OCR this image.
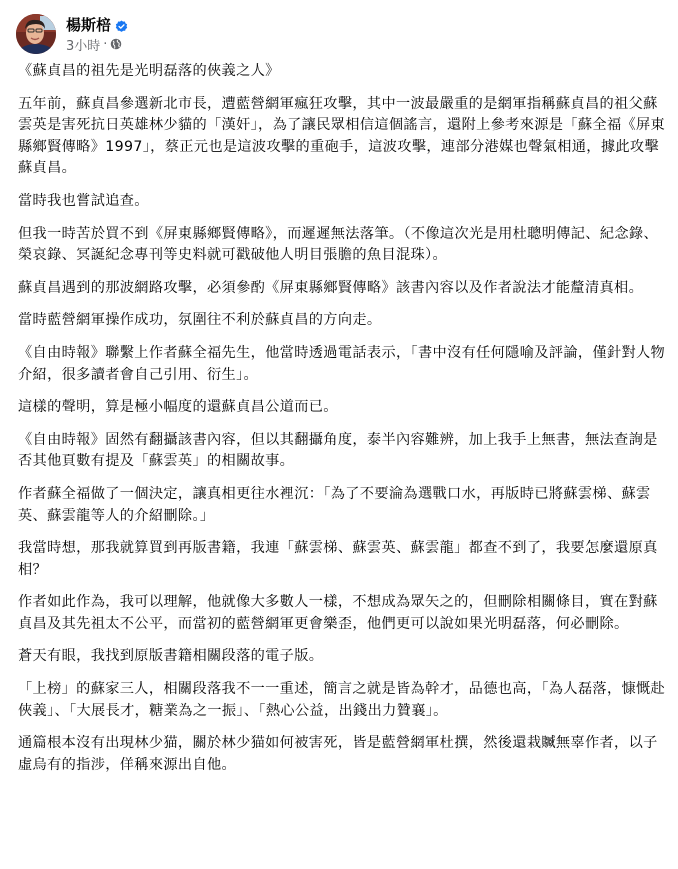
楊斯棓
3小時 ·

《蘇貞昌的祖先是光明磊落的俠義之人》

五年前，蘇貞昌參選新北市長，遭藍營網軍瘋狂攻擊，其中一波最嚴重的是網軍指稱蘇貞昌的祖父蘇雲英是害死抗日英雄林少貓的「漢奸」，為了讓民眾相信這個謠言，還附上參考來源是「蘇全福《屏東縣鄉賢傳略》1997」，蔡正元也是這波攻擊的重砲手，這波攻擊，連部分港媒也聲氣相通，據此攻擊蘇貞昌。

當時我也嘗試追查。

但我一時苦於買不到《屏東縣鄉賢傳略》，而遲遲無法落筆。（不像這次光是用杜聰明傳記、紀念錄、榮哀錄、冥誕紀念專刊等史料就可戳破他人明目張膽的魚目混珠）。

蘇貞昌遇到的那波網路攻擊，必須參酌《屏東縣鄉賢傳略》該書內容以及作者說法才能釐清真相。

當時藍營網軍操作成功，氛圍往不利於蘇貞昌的方向走。

《自由時報》聯繫上作者蘇全福先生，他當時透過電話表示，「書中沒有任何隱喻及評論，僅針對人物介紹，很多讀者會自己引用、衍生」。

這樣的聲明，算是極小幅度的還蘇貞昌公道而已。

《自由時報》固然有翻攝該書內容，但以其翻攝角度，泰半內容難辨，加上我手上無書，無法查詢是否其他頁數有提及「蘇雲英」的相關故事。

作者蘇全福做了一個決定，讓真相更往水裡沉：「為了不要淪為選戰口水，再版時已將蘇雲梯、蘇雲英、蘇雲龍等人的介紹刪除。」

我當時想，那我就算買到再版書籍，我連「蘇雲梯、蘇雲英、蘇雲龍」都查不到了，我要怎麼還原真相？

作者如此作為，我可以理解，他就像大多數人一樣，不想成為眾矢之的，但刪除相關條目，實在對蘇貞昌及其先祖太不公平，而當初的藍營網軍更會樂歪，他們更可以說如果光明磊落，何必刪除。

蒼天有眼，我找到原版書籍相關段落的電子版。

「上榜」的蘇家三人，相關段落我不一一重述，簡言之就是皆為幹才，品德也高，「為人磊落，慷慨赴俠義」、「大展長才，糖業為之一振」、「熱心公益，出錢出力贊襄」。

通篇根本沒有出現林少猫，關於林少猫如何被害死，皆是藍營網軍杜撰，然後還栽贓無辜作者，以子虛烏有的指涉，佯稱來源出自他。
